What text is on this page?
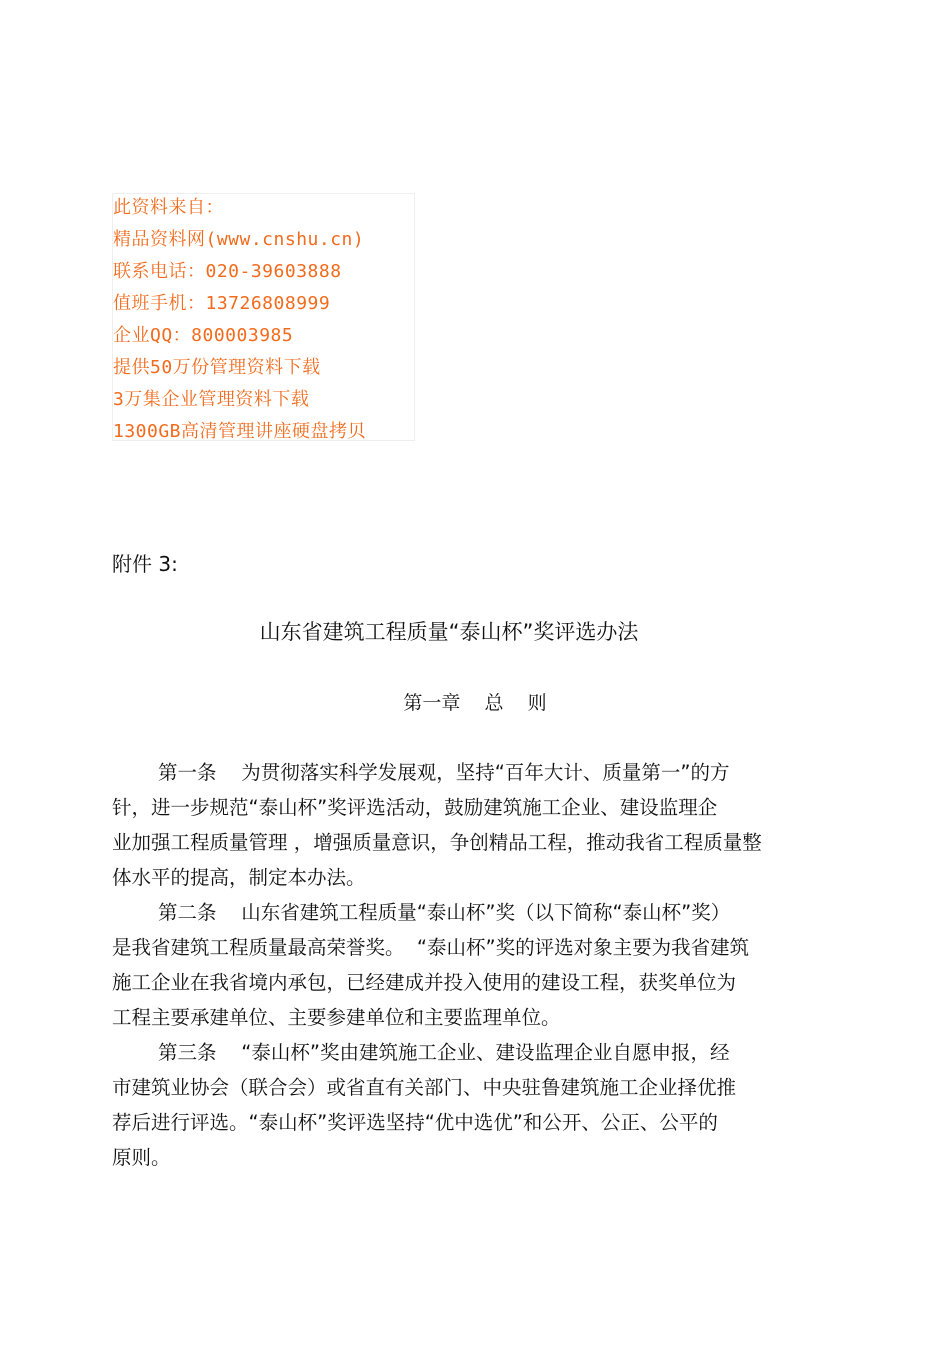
此资料来自：
精品资料网(www.cnshu.cn)
联系电话：020-39603888
值班手机：13726808999
企业QQ：800003985
提供50万份管理资料下载
3万集企业管理资料下载
1300GB高清管理讲座硬盘拷贝
附件 3:
山东省建筑工程质量“泰山杯”奖评选办法
第一章    总    则
第一条    为贯彻落实科学发展观，坚持“百年大计、质量第一”的方
针，进一步规范“泰山杯”奖评选活动，鼓励建筑施工企业、建设监理企
业加强工程质量管理 ，增强质量意识，争创精品工程，推动我省工程质量整
体水平的提高，制定本办法。
第二条    山东省建筑工程质量“泰山杯”奖（以下简称“泰山杯”奖）
是我省建筑工程质量最高荣誉奖。  “泰山杯”奖的评选对象主要为我省建筑
施工企业在我省境内承包，已经建成并投入使用的建设工程，获奖单位为
工程主要承建单位、主要参建单位和主要监理单位。
第三条    “泰山杯”奖由建筑施工企业、建设监理企业自愿申报，经
市建筑业协会（联合会）或省直有关部门、中央驻鲁建筑施工企业择优推
荐后进行评选。“泰山杯”奖评选坚持“优中选优”和公开、公正、公平的
原则。
